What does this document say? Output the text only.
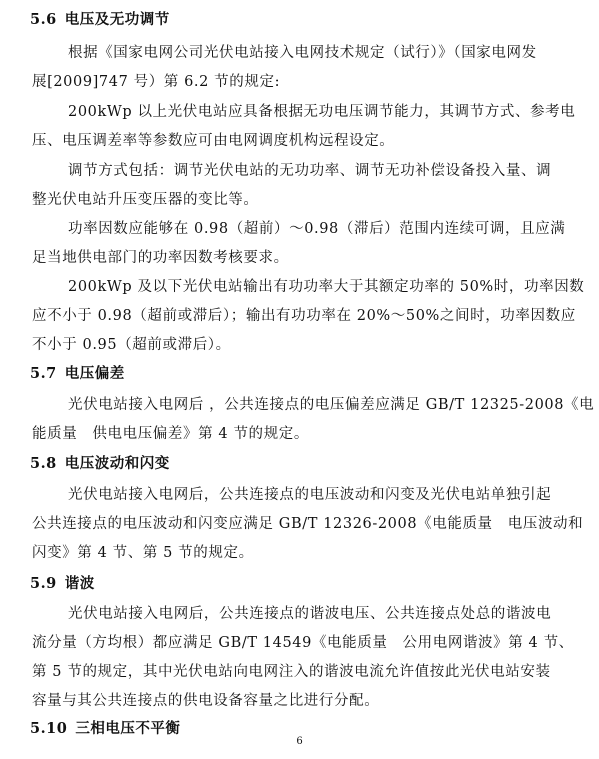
5.6 电压及无功调节
根据《国家电网公司光伏电站接入电网技术规定（试行）》（国家电网发
展[2009]747 号）第 6.2 节的规定:
200kWp 以上光伏电站应具备根据无功电压调节能力，其调节方式、参考电
压、电压调差率等参数应可由电网调度机构远程设定。
调节方式包括：调节光伏电站的无功功率、调节无功补偿设备投入量、调
整光伏电站升压变压器的变比等。
功率因数应能够在 0.98（超前）～0.98（滞后）范围内连续可调，且应满
足当地供电部门的功率因数考核要求。
200kWp 及以下光伏电站输出有功功率大于其额定功率的 50%时，功率因数
应不小于 0.98（超前或滞后）；输出有功功率在 20%～50%之间时，功率因数应
不小于 0.95（超前或滞后）。
5.7 电压偏差
光伏电站接入电网后 ，公共连接点的电压偏差应满足 GB/T 12325-2008《电
能质量　供电电压偏差》第 4 节的规定。
5.8 电压波动和闪变
光伏电站接入电网后，公共连接点的电压波动和闪变及光伏电站单独引起
公共连接点的电压波动和闪变应满足 GB/T 12326-2008《电能质量　电压波动和
闪变》第 4 节、第 5 节的规定。
5.9 谐波
光伏电站接入电网后，公共连接点的谐波电压、公共连接点处总的谐波电
流分量（方均根）都应满足 GB/T 14549《电能质量　公用电网谐波》第 4 节、
第 5 节的规定，其中光伏电站向电网注入的谐波电流允许值按此光伏电站安装
容量与其公共连接点的供电设备容量之比进行分配。
5.10 三相电压不平衡
6
